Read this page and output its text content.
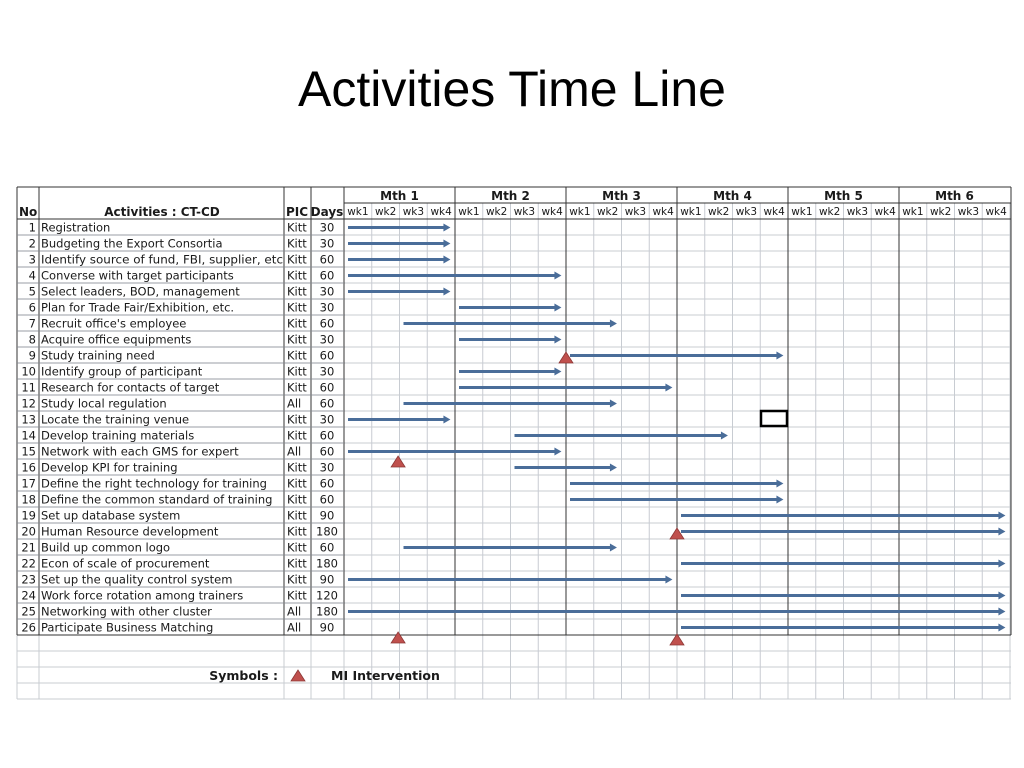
Activities Time Line
No	Activities : CT-CD	PIC Days
Mth 1	Mth 2	Mth 3	Mth 4	Mth 5	Mth 6
wk1 wk2 wk3 wk4 wk1 wk2 wk3 wk4 wk1 wk2 wk3 wk4 wk1 wk2 wk3 wk4 wk1 wk2 wk3 wk4 wk1 wk2 wk3 wk4
1 Registration	Kitt 30
2 Budgeting the Export Consortia	Kitt 30
3 Identify source of fund, FBI, supplier, etc Kitt 60
4 Converse with target participants	Kitt 60
5 Select leaders, BOD, management	Kitt 30
6 Plan for Trade Fair/Exhibition, etc.	Kitt 30
7 Recruit office's employee	Kitt 60
8 Acquire office equipments	Kitt 30
9 Study training need	Kitt 60
10 Identify group of participant	Kitt 30
11 Research for contacts of target	Kitt 60
12 Study local regulation	All 60
13 Locate the training venue	Kitt 30
14 Develop training materials	Kitt 60
15 Network with each GMS for expert	All 60
16 Develop KPI for training	Kitt 30
17 Define the right technology for training Kitt 60
18 Define the common standard of training Kitt 60
19 Set up database system	Kitt 90
20 Human Resource development	Kitt 180
21 Build up common logo	Kitt 60
22 Econ of scale of procurement	Kitt 180
23 Set up the quality control system	Kitt 90
24 Work force rotation among trainers	Kitt 120
25 Networking with other cluster	All 180
26 Participate Business Matching	All 90
Symbols :	MI Intervention
